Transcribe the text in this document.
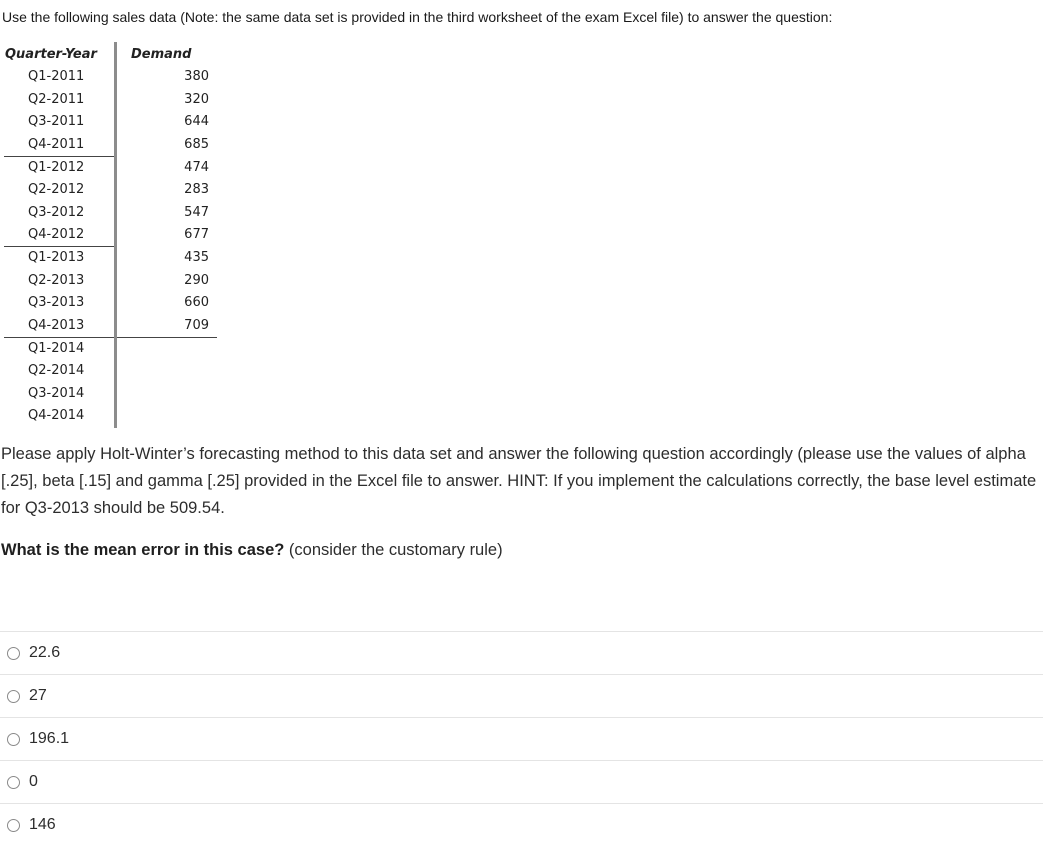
Use the following sales data (Note: the same data set is provided in the third worksheet of the exam Excel file) to answer the question:
Quarter-Year	Demand
Q1-2011	380
Q2-2011	320
Q3-2011	644
Q4-2011	685
Q1-2012	474
Q2-2012	283
Q3-2012	547
Q4-2012	677
Q1-2013	435
Q2-2013	290
Q3-2013	660
Q4-2013	709
Q1-2014	
Q2-2014	
Q3-2014	
Q4-2014	

Please apply Holt-Winter’s forecasting method to this data set and answer the following question accordingly (please use the values of alpha [.25], beta [.15] and gamma [.25] provided in the Excel file to answer. HINT: If you implement the calculations correctly, the base level estimate for Q3-2013 should be 509.54.

What is the mean error in this case? (consider the customary rule)

22.6
27
196.1
0
146
